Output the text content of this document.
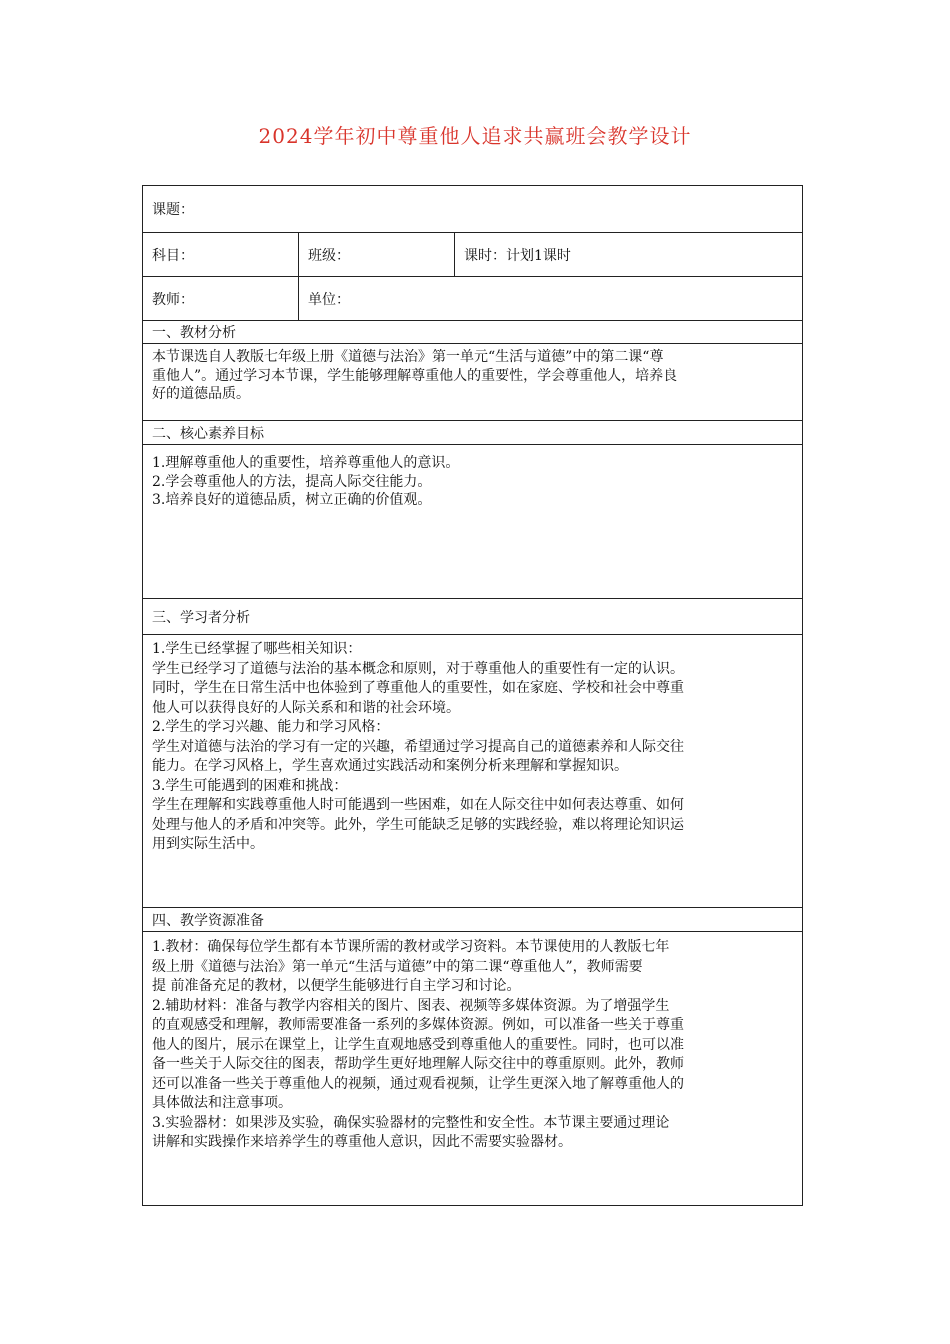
2024学年初中尊重他人追求共赢班会教学设计
课题：
科目：	班级：	课时：计划1课时
教师：	单位：
一、教材分析
本节课选自人教版七年级上册《道德与法治》第一单元“生活与道德”中的第二课“尊
重他人”。通过学习本节课，学生能够理解尊重他人的重要性，学会尊重他人，培养良
好的道德品质。
二、核心素养目标
1.理解尊重他人的重要性，培养尊重他人的意识。
2.学会尊重他人的方法，提高人际交往能力。
3.培养良好的道德品质，树立正确的价值观。
三、学习者分析
1.学生已经掌握了哪些相关知识：
学生已经学习了道德与法治的基本概念和原则，对于尊重他人的重要性有一定的认识。
同时，学生在日常生活中也体验到了尊重他人的重要性，如在家庭、学校和社会中尊重
他人可以获得良好的人际关系和和谐的社会环境。
2.学生的学习兴趣、能力和学习风格：
学生对道德与法治的学习有一定的兴趣，希望通过学习提高自己的道德素养和人际交往
能力。在学习风格上，学生喜欢通过实践活动和案例分析来理解和掌握知识。
3.学生可能遇到的困难和挑战：
学生在理解和实践尊重他人时可能遇到一些困难，如在人际交往中如何表达尊重、如何
处理与他人的矛盾和冲突等。此外，学生可能缺乏足够的实践经验，难以将理论知识运
用到实际生活中。
四、教学资源准备
1.教材：确保每位学生都有本节课所需的教材或学习资料。本节课使用的人教版七年
级上册《道德与法治》第一单元“生活与道德”中的第二课“尊重他人”，教师需要
提 前准备充足的教材，以便学生能够进行自主学习和讨论。
2.辅助材料：准备与教学内容相关的图片、图表、视频等多媒体资源。为了增强学生
的直观感受和理解，教师需要准备一系列的多媒体资源。例如，可以准备一些关于尊重
他人的图片，展示在课堂上，让学生直观地感受到尊重他人的重要性。同时，也可以准
备一些关于人际交往的图表，帮助学生更好地理解人际交往中的尊重原则。此外，教师
还可以准备一些关于尊重他人的视频，通过观看视频，让学生更深入地了解尊重他人的
具体做法和注意事项。
3.实验器材：如果涉及实验，确保实验器材的完整性和安全性。本节课主要通过理论
讲解和实践操作来培养学生的尊重他人意识，因此不需要实验器材。
